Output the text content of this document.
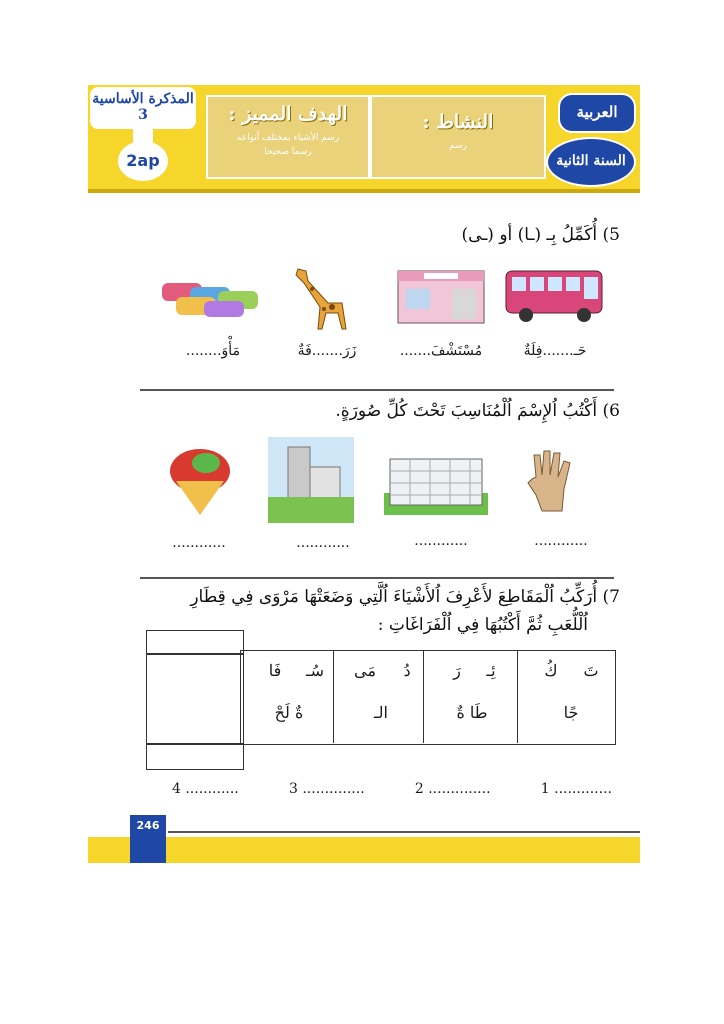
المذكرة الأساسية 3
2ap
الهدف المميز :
رسم الأشياء بمختلف أنواعه
رسما صحيحا
النشاط :
رسم
العربية
السنة الثانية
5) أُكَمِّلُ بِـ (ـا) أو (ـى)
حَـ.......فِلَةٌ
مُسْتَشْفَ.......
زَرَ.......فَةٌ
مَأْوَ........
6) أَكْتُبُ اُلإِسْمَ اُلْمُنَاسِبَ تَحْتَ كُلِّ صُورَةٍ.
............
............
............
............
7) أُرَكِّبُ اُلْمَقَاطِعَ لأَعْرِفَ اُلأَشْيَاءَ اُلَّتِي وَضَعَتْهَا مَرْوَى فِي قِطَارِ
اُلْلُّعَبِ ثُمَّ أَكْتُبُهَا فِي اُلْفَرَاغَاتِ :
تَ
كُ
جًا
ئِـ
رَ
طَا ةٌ
دُ
مَى
الـ
سُـ
فَا
ةٌ لَحْ
1 .............
2 ..............
3 ..............
4 ............
246
